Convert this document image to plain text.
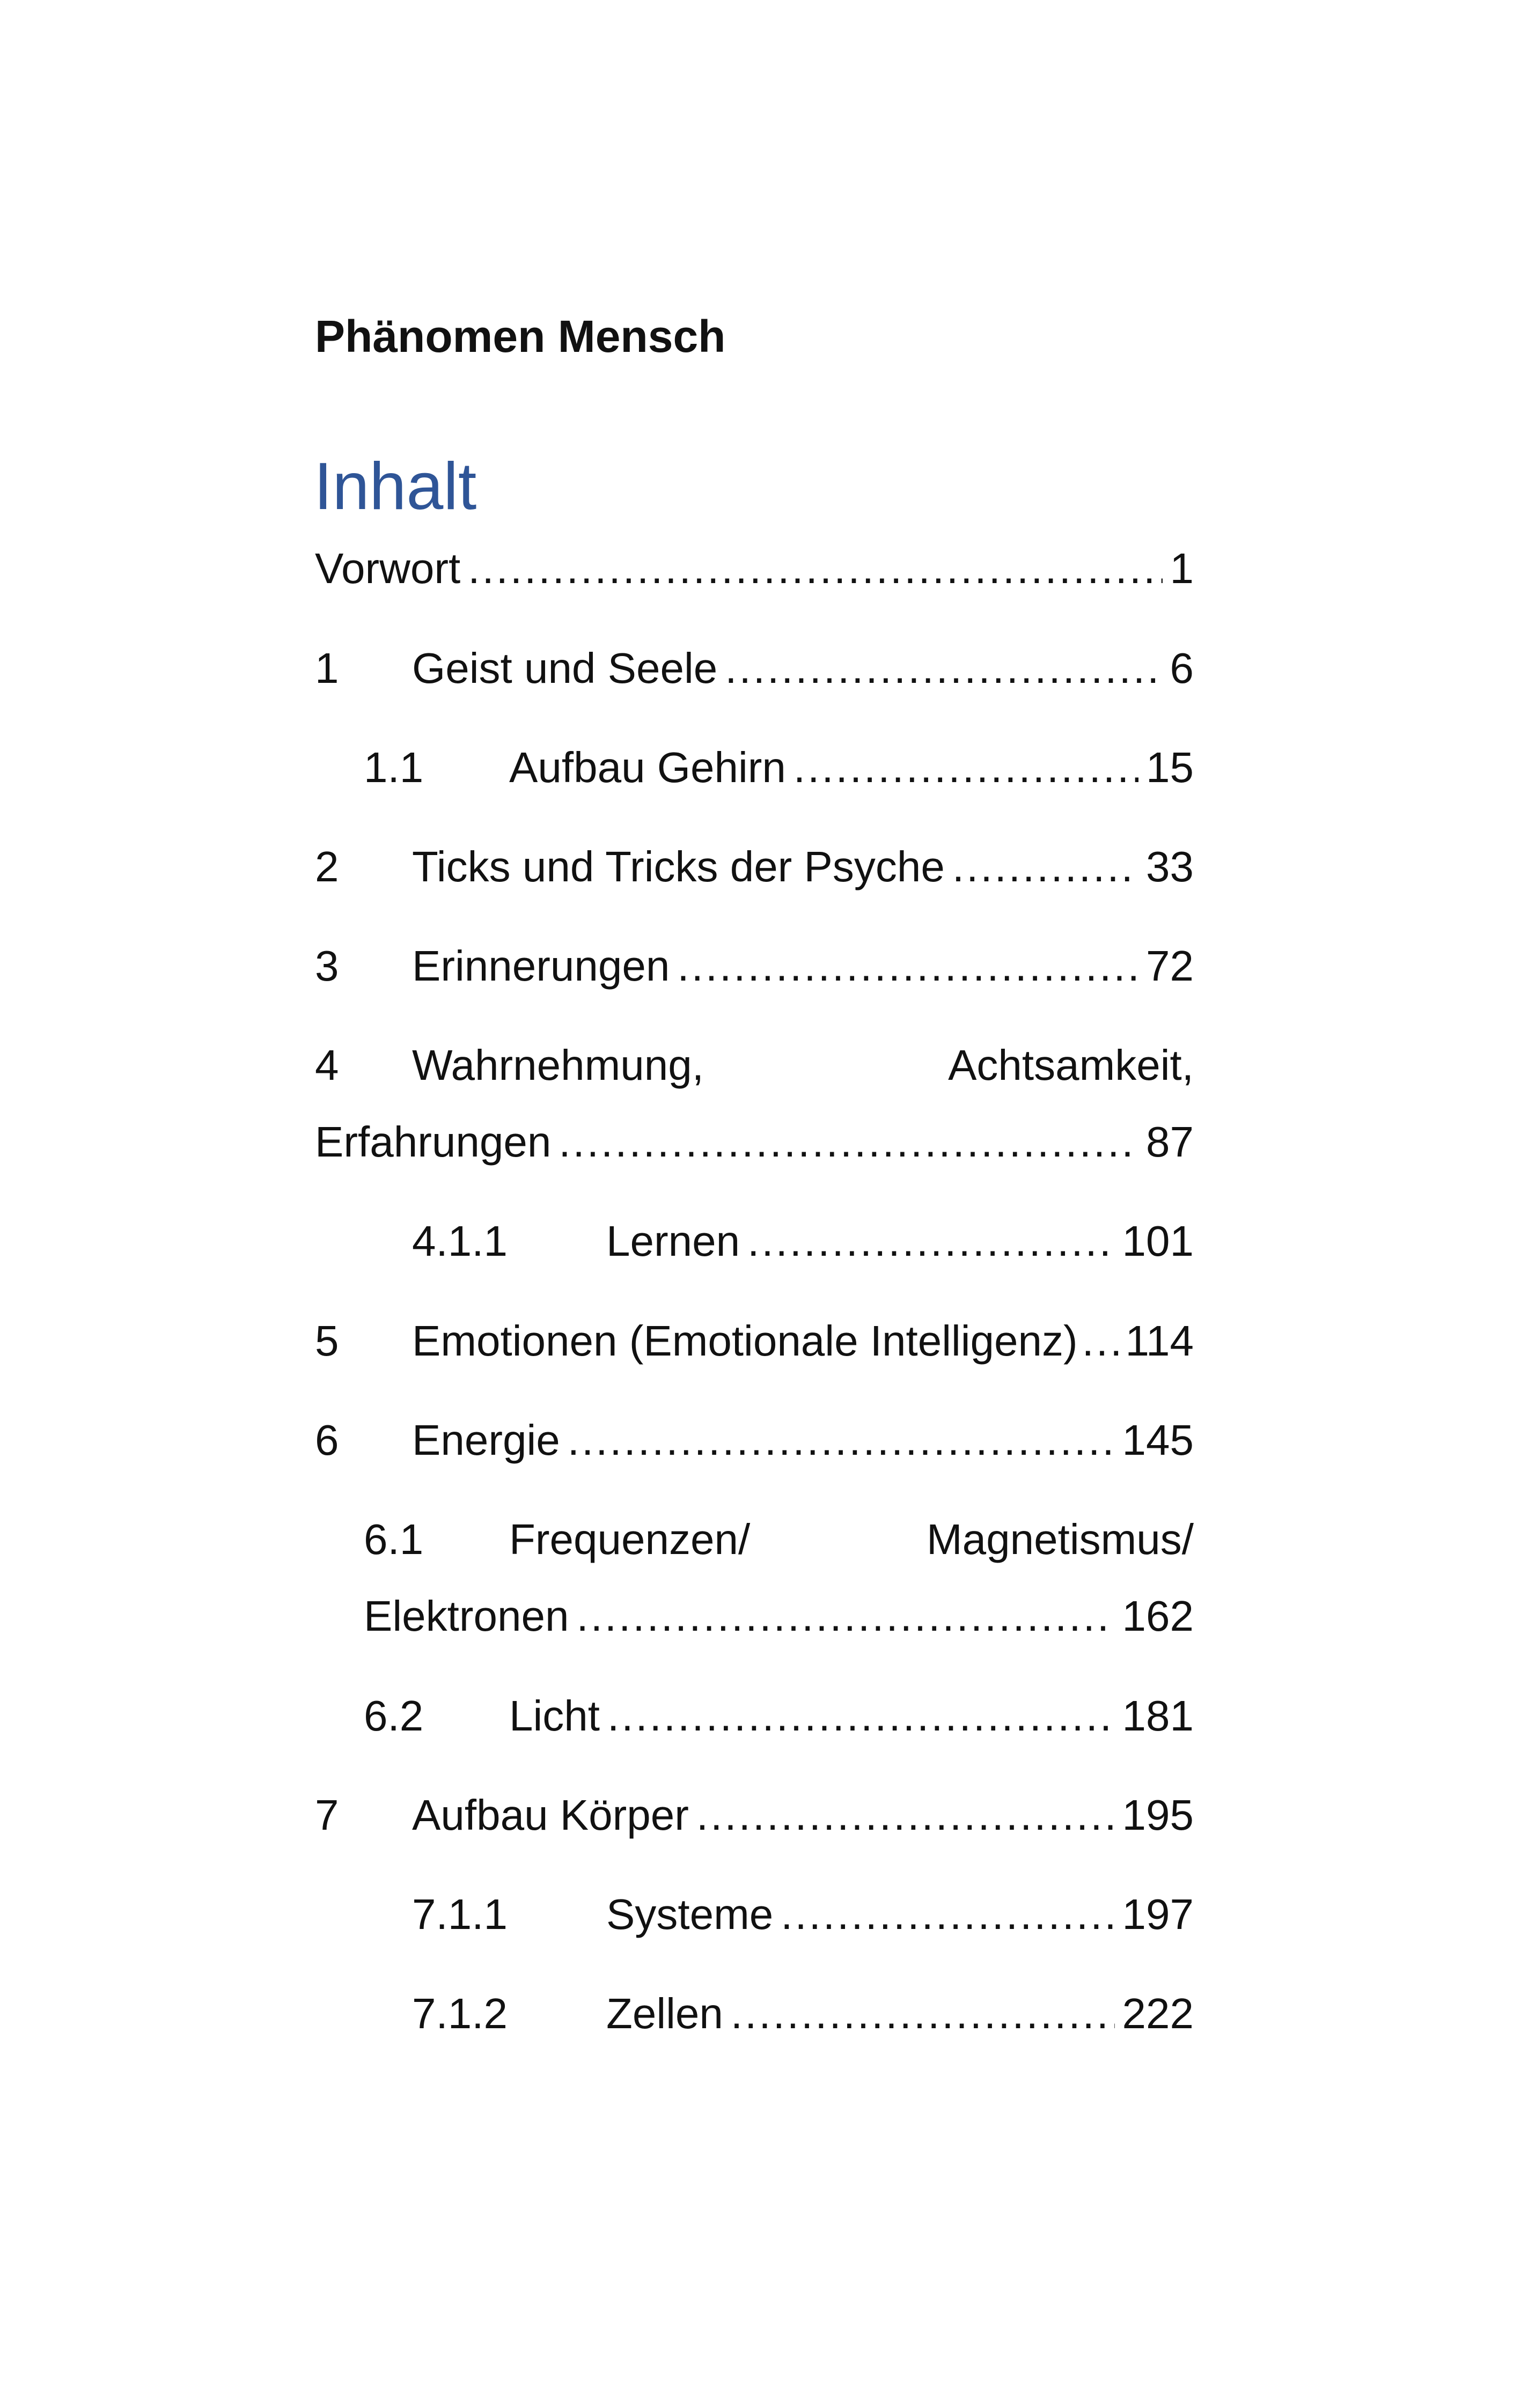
Phänomen Mensch
Inhalt
Vorwort .....	1
1 Geist und Seele .....	6
1.1 Aufbau Gehirn .....	15
2 Ticks und Tricks der Psyche .....	33
3 Erinnerungen .....	72
4 Wahrnehmung,	Achtsamkeit,
Erfahrungen .....	87
4.1.1 Lernen .....	101
5 Emotionen (Emotionale Intelligenz) ..... 114
6 Energie .....	145
6.1 Frequenzen/	Magnetismus/
Elektronen .....	162
6.2 Licht .....	181
7 Aufbau Körper .....	195
7.1.1 Systeme .....	197
7.1.2 Zellen .....	222
